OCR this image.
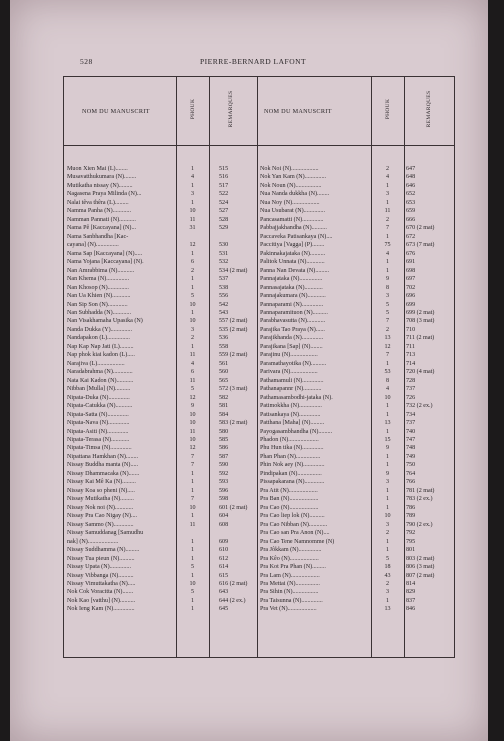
528	PIERRE-BERNARD LAFONT
NOM DU MANUSCRIT	PHOUK	REMARQUES	NOM DU MANUSCRIT	PHOUK	REMARQUES
Muon Xien Mai (L)........	1	515
Musavatthukumara (N)........	4	516
Mutikatha nissay (N).........	1	517
Nagasena Praya Milinda (N)...	3	522
Nalai têva thêra (L).........	1	524
Namma Panha (N)............	10	527
Namman Pannati (N)...........	11	528
Nama Pê [Kaccayana] (N)...	31	529
Nama Sanbhandha [Kac-
cayana] (N)...............	12	530
Nama Sap [Kaccayana] (N).....	1	531
Nama Yojana [Kaccayana] (N).	6	532
Nan Amrabbima (N)...........	2	534 (2 mat)
Nan Khema (N)...............	1	537
Nan Khosop (N)..............	1	538
Nan Ua Khien (N)............	5	556
Nan Sip Son (N).............	10	542
Nan Subhadda (N)............	1	543
Nan Visakhamaha Upasika (N)	10	557 (2 mat)
Nanda Dukka (Y)..............	3	535 (2 mat)
Nandapakon (L)...............	2	536
Nap Kap Nap Jati (L).........	1	558
Nap phok kiai kadon (L).....	11	559 (2 mat)
Narajiva (L)..................	4	561
Naradabrahma (N).............	6	560
Nata Kai Kadon (N)...........	11	565
Nibban [Mulla] (N)..........	5	572 (3 mat)
Nipata-Duka (N)..............	12	582
Nipata-Catukka (N)...........	9	581
Nipata-Satta (N)..............	10	584
Nipata-Nava (N)..............	10	583 (2 mat)
Nipata-Asiti (N)..............	11	580
Nipata-Terasa (N)............	10	585
Nipata-Timsa (N)..............	12	586
Nipattana Hamkhan (N)........	7	587
Nissay Buddha manta (N).....	7	590
Nissay Dhammacaka (N).......	1	592
Nissay Kai Mê Ka (N).........	1	593
Nissay Koa so pheni (N).....	1	596
Nissay Mutikatha (N).........	7	598
Nissay Nok noi (N)............	10	601 (2 mat)
Nissay Pra Cao Nigay (N)....	1	604
Nissay Sammo (N).............	11	608
Nissay Samuddanag [Samudhu
nak] (N)....................	1	609
Nissay Suddhamma (N).........	1	610
Nissay Tua pieun (N)..........	1	612
Nissay Upata (N)..............	5	614
Nissay Vibbanga (N)..........	1	615
Nissay Vimuttakatha (N).....	10	616 (2 mat)
Nok Cok Voracitta (N).......	5	643
Nok Kao [vatthu] (N)..........	1	644 (2 ex.)
Nok Ieng Kam (N)..............	1	645
Nok Noi (N)..................	2	647
Nok Yan Kam (N)..............	4	648
Nok Noun (N).................	1	646
Nua Nanda dukkha (N)........	3	652
Nua Noy (N)..................	1	653
Nua Usubarat (N)..............	11	659
Pancasamatti (N)..............	2	666
Pabbajjakhandha (N)..........	7	670 (2 mat)
Paccaveka Patisankaya (N)....	1	672
Paccitiya [Vagga] (P)........	75	673 (7 mat)
Pakinnakajataka (N)..........	4	676
Palitok Unnata (N)............	1	691
Panna Nan Devata (N).........	1	698
Pannajataka (N)...............	9	697
Pannasajataka (N)............	8	702
Pannajakumara (N)............	3	696
Pannaparami (N)..............	5	699
Pannaparamituon (N)..........	5	699 (2 mat)
Parabhavasutta (N)............	7	708 (3 mat)
Parajika Tao Praya (N)......	2	710
Parajikhanda (N)..............	13	711 (2 mat)
Parajikana [Sap] (N)........	12	711
Parajinu (N)..................	7	713
Paramathayotika (N)..........	1	714
Parivara (N)..................	53	720 (4 mat)
Pathamamuli (N)..............	8	728
Pathanapannr (N)............	4	737
Pathamasambodhi-jataka (N).	10	726
Patimokkha (N)...............	1	732 (2 ex.)
Patisankaya (N)..............	1	734
Patthana [Maha] (N).........	13	737
Payogasambhandha (N).........	1	740
Phadon (N)....................	15	747
Phu Hun tika (N)..............	9	748
Phan Phan (N)................	1	749
Phin Nok aey (N)..............	1	750
Pindipakan (N)................	9	764
Pissapakarana (N).............	3	766
Pra Atit (N)...................	1	781 (2 mat)
Pra Ban (N)...................	1	783 (2 ex.)
Pra Cao (N)...................	1	786
Pra Cao liep lok (N)..........	10	789
Pra Cao Nibban (N)............	3	790 (2 ex.)
Pra Cao san Pra Anon (N)....	2	792
Pra Cao Tene Namnomme (N)	1	795
Pra Jôkkam (N)...............	1	801
Pra Kêo (N)...................	5	803 (2 mat)
Pra Kot Pra Phan (N).........	18	806 (3 mat)
Pra Lam (N)...................	43	807 (2 mat)
Pra Mettai (N)................	2	814
Pra Sihin (N).................	3	829
Pra Taisunna (N)..............	1	837
Pra Vet (N)...................	13	846
